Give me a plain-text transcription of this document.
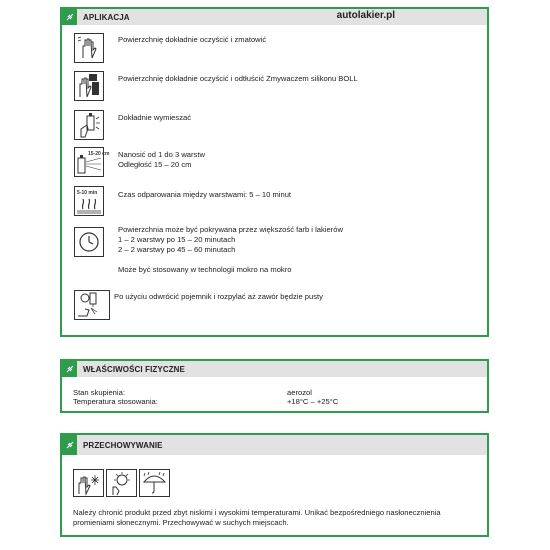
APLIKACJA	autolakier.pl
Powierzchnię dokładnie oczyścić i zmatowić
Powierzchnię dokładnie oczyścić i odtłuścić Zmywaczem silikonu BOLL
Dokładnie wymieszać
15-20 cm Nanosić od 1 do 3 warstw
Odległość 15 – 20 cm
5-10 min	Czas odparowania między warstwami: 5 – 10 minut
Powierzchnia może być pokrywana przez większość farb i lakierów
1 – 2 warstwy po 15 – 20 minutach
2 – 2 warstwy po 45 – 60 minutach
Może być stosowany w technologii mokro na mokro
Po użyciu odwrócić pojemnik i rozpylać aż zawór będzie pusty
WŁAŚCIWOŚCI FIZYCZNE
Stan skupienia:	aerozol
Temperatura stosowania:	+18°C – +25°C
PRZECHOWYWANIE
Należy chronić produkt przed zbyt niskimi i wysokimi temperaturami. Unikać bezpośredniego nasłonecznienia
promieniami słonecznymi. Przechowywać w suchych miejscach.
